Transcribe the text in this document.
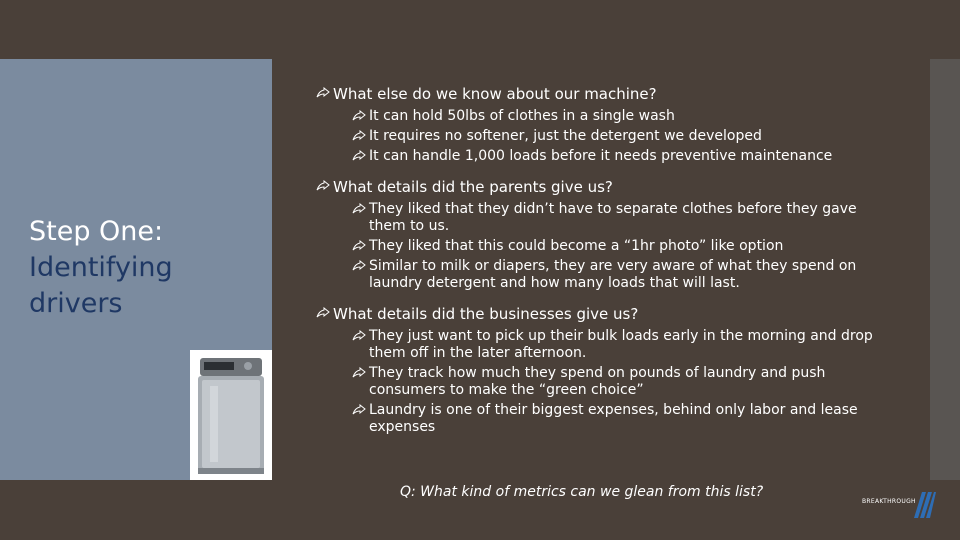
Step One:
Identifying drivers
What else do we know about our machine?
It can hold 50lbs of clothes in a single wash
It requires no softener, just the detergent we developed
It can handle 1,000 loads before it needs preventive maintenance
What details did the parents give us?
They liked that they didn’t have to separate clothes before they gave them to us.
They liked that this could become a “1hr photo” like option
Similar to milk or diapers, they are very aware of what they spend on laundry detergent and how many loads that will last.
What details did the businesses give us?
They just want to pick up their bulk loads early in the morning and drop them off in the later afternoon.
They track how much they spend on pounds of laundry and push consumers to make the “green choice”
Laundry is one of their biggest expenses, behind only labor and lease expenses
Q: What kind of metrics can we glean from this list?
BREAKTHROUGH
